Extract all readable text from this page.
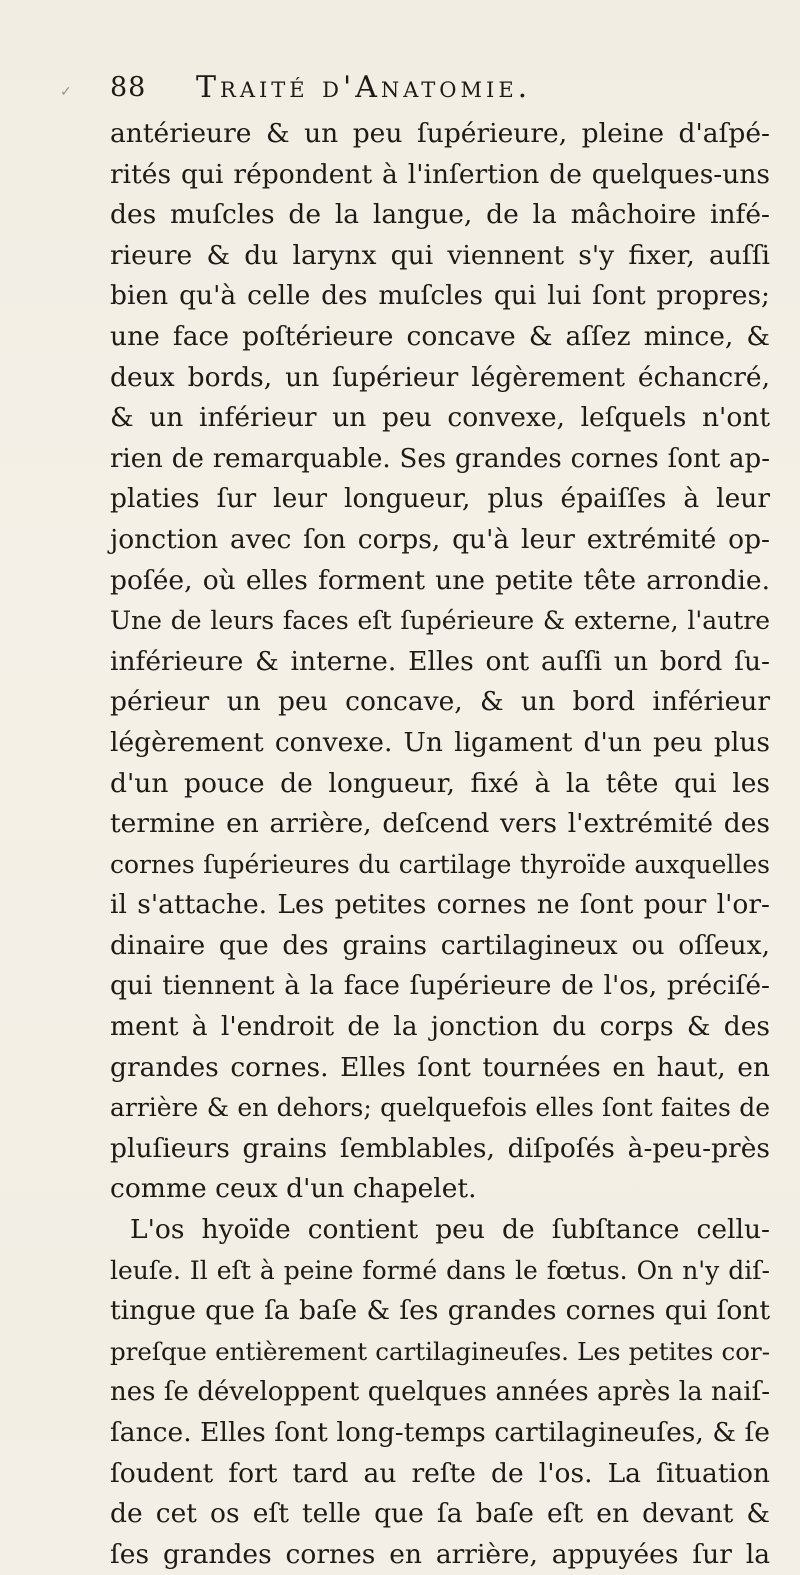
✓ 88 Traité d'Anatomie.
antérieure & un peu ſupérieure, pleine d'aſpé-
rités qui répondent à l'inſertion de quelques-uns
des muſcles de la langue, de la mâchoire infé-
rieure & du larynx qui viennent s'y fixer, auſſi
bien qu'à celle des muſcles qui lui ſont propres;
une face poſtérieure concave & aſſez mince, &
deux bords, un ſupérieur légèrement échancré,
& un inférieur un peu convexe, leſquels n'ont
rien de remarquable. Ses grandes cornes ſont ap-
platies ſur leur longueur, plus épaiſſes à leur
jonction avec ſon corps, qu'à leur extrémité op-
poſée, où elles forment une petite tête arrondie.
Une de leurs faces eſt ſupérieure & externe, l'autre
inférieure & interne. Elles ont auſſi un bord ſu-
périeur un peu concave, & un bord inférieur
légèrement convexe. Un ligament d'un peu plus
d'un pouce de longueur, fixé à la tête qui les
termine en arrière, deſcend vers l'extrémité des
cornes ſupérieures du cartilage thyroïde auxquelles
il s'attache. Les petites cornes ne ſont pour l'or-
dinaire que des grains cartilagineux ou oſſeux,
qui tiennent à la face ſupérieure de l'os, préciſé-
ment à l'endroit de la jonction du corps & des
grandes cornes. Elles ſont tournées en haut, en
arrière & en dehors; quelquefois elles ſont faites de
pluſieurs grains ſemblables, diſpoſés à-peu-près
comme ceux d'un chapelet.
L'os hyoïde contient peu de ſubſtance cellu-
leuſe. Il eſt à peine formé dans le fœtus. On n'y diſ-
tingue que ſa baſe & ſes grandes cornes qui ſont
preſque entièrement cartilagineuſes. Les petites cor-
nes ſe développent quelques années après la naiſ-
ſance. Elles ſont long-temps cartilagineuſes, & ſe
ſoudent fort tard au reſte de l'os. La ſituation
de cet os eſt telle que ſa baſe eſt en devant &
ſes grandes cornes en arrière, appuyées ſur la
